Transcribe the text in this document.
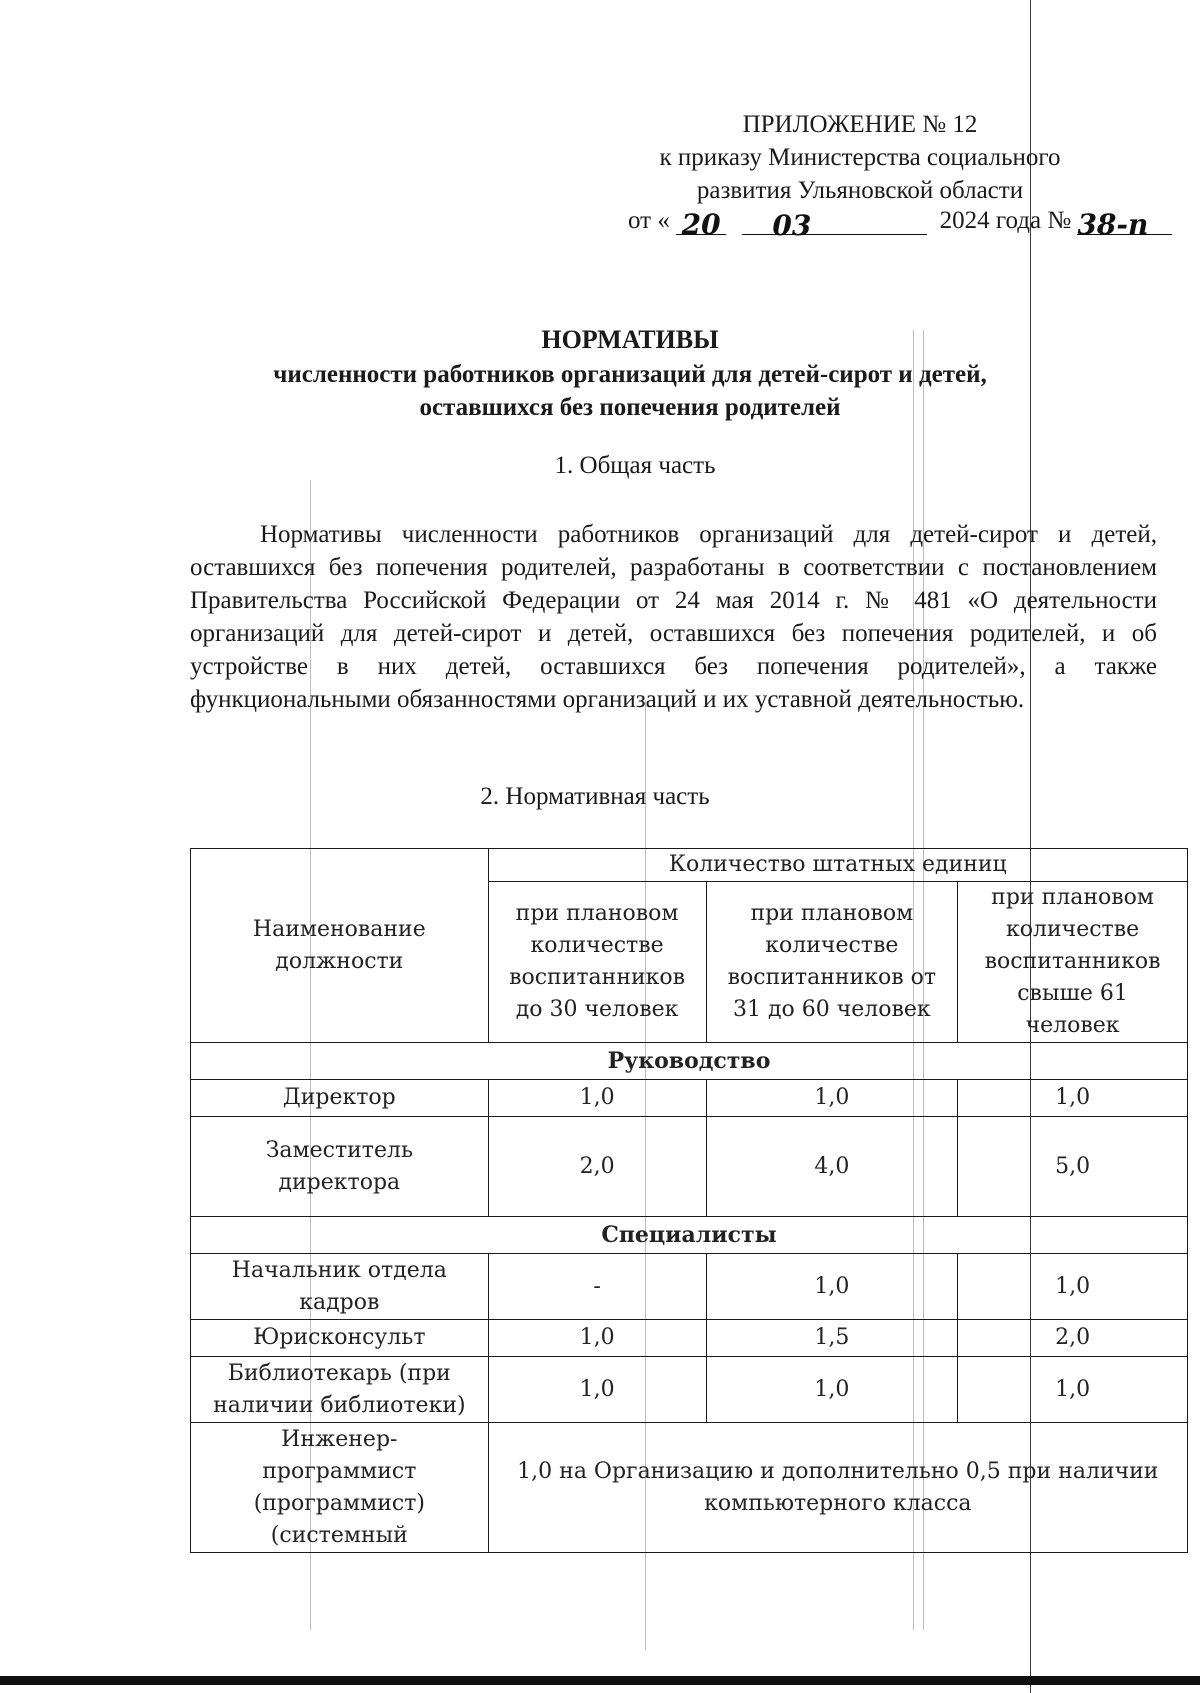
ПРИЛОЖЕНИЕ № 12
к приказу Министерства социального
развития Ульяновской области
от « 20 03	2024 года № 38-п
НОРМАТИВЫ
численности работников организаций для детей-сирот и детей,
оставшихся без попечения родителей
1. Общая часть

Нормативы численности работников организаций для детей-сирот и детей, оставшихся без попечения родителей, разработаны в соответствии с постановлением Правительства Российской Федерации от 24 мая 2014 г. № 481 «О деятельности организаций для детей-сирот и детей, оставшихся без попечения родителей, и об устройстве в них детей, оставшихся без попечения родителей», а также функциональными обязанностями организаций и их уставной деятельностью.

2. Нормативная часть
Наименование должности	Количество штатных единиц		
	при плановом количестве воспитанников до 30 человек	при плановом количестве воспитанников от 31 до 60 человек	при плановом количестве воспитанников свыше 61 человек
Руководство			
Директор	1,0	1,0	1,0
Заместитель директора	2,0	4,0	5,0
Специалисты			
Начальник отдела кадров	-	1,0	1,0
Юрисконсульт	1,0	1,5	2,0
Библиотекарь (при наличии библиотеки)	1,0	1,0	1,0
Инженер-программист (программист) (системный	1,0 на Организацию и дополнительно 0,5 при наличии компьютерного класса		
